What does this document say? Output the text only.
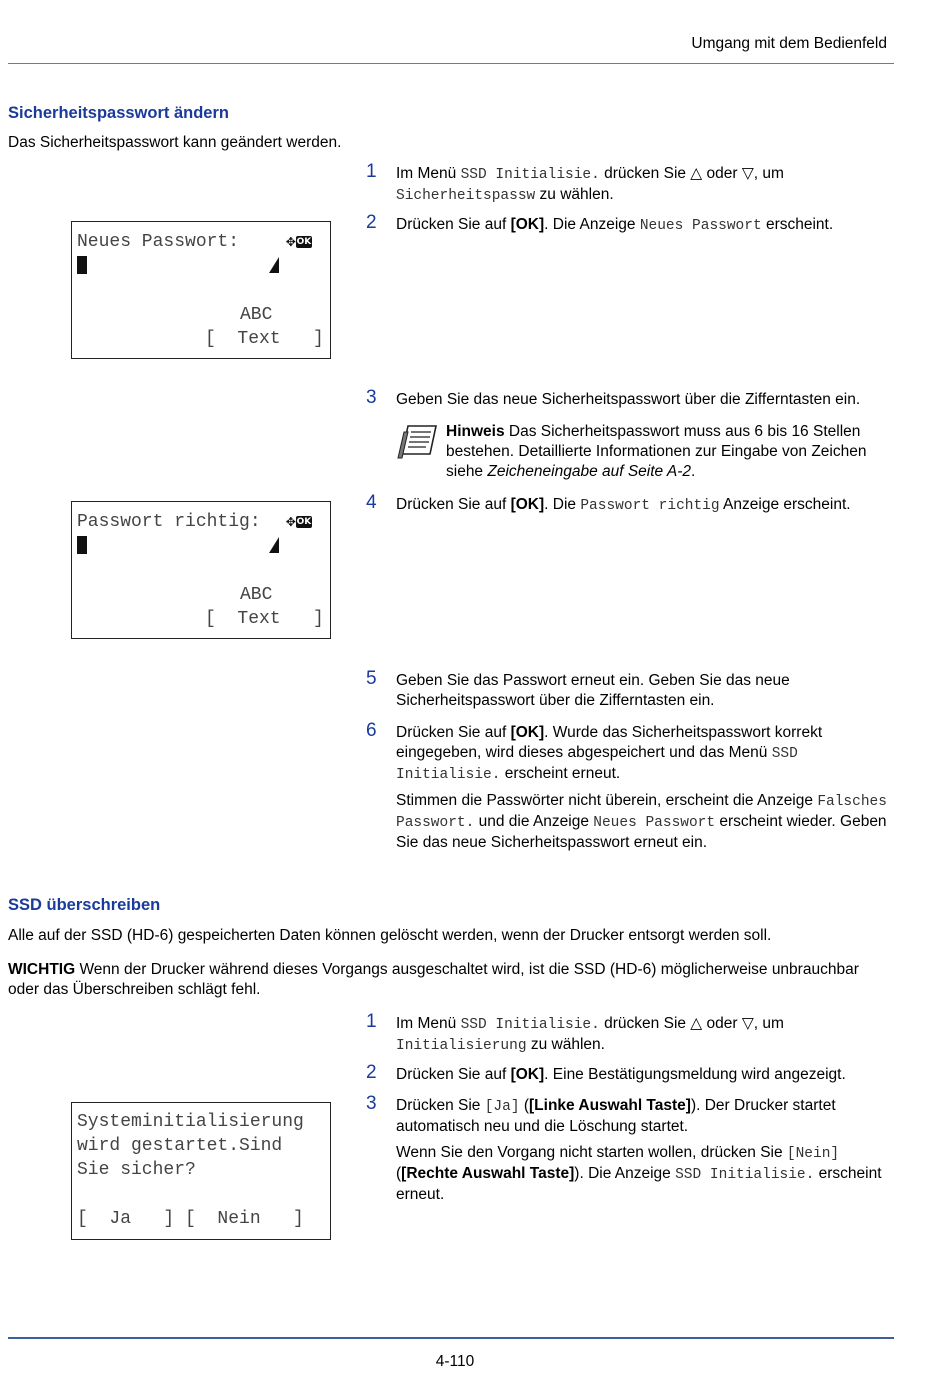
Umgang mit dem Bedienfeld
Sicherheitspasswort ändern
Das Sicherheitspasswort kann geändert werden.
1 Im Menü SSD Initialisie. drücken Sie △ oder ▽, um Sicherheitspassw zu wählen.

2 Drücken Sie auf [OK]. Die Anzeige Neues Passwort erscheint.

Neues Passwort:	✥OK
ABC
[  Text   ]
3 Geben Sie das neue Sicherheitspasswort über die Zifferntasten ein.

Hinweis Das Sicherheitspasswort muss aus 6 bis 16 Stellen bestehen. Detaillierte Informationen zur Eingabe von Zeichen siehe Zeicheneingabe auf Seite A-2.
4 Drücken Sie auf [OK]. Die Passwort richtig Anzeige erscheint.

Passwort richtig: ✥OK
ABC
[  Text   ]
5 Geben Sie das Passwort erneut ein. Geben Sie das neue Sicherheitspasswort über die Zifferntasten ein.

6 Drücken Sie auf [OK]. Wurde das Sicherheitspasswort korrekt eingegeben, wird dieses abgespeichert und das Menü SSD Initialisie. erscheint erneut.

Stimmen die Passwörter nicht überein, erscheint die Anzeige Falsches Passwort. und die Anzeige Neues Passwort erscheint wieder. Geben Sie das neue Sicherheitspasswort erneut ein.

SSD überschreiben
Alle auf der SSD (HD-6) gespeicherten Daten können gelöscht werden, wenn der Drucker entsorgt werden soll.
WICHTIG Wenn der Drucker während dieses Vorgangs ausgeschaltet wird, ist die SSD (HD-6) möglicherweise unbrauchbar oder das Überschreiben schlägt fehl.
1 Im Menü SSD Initialisie. drücken Sie △ oder ▽, um Initialisierung zu wählen.

2 Drücken Sie auf [OK]. Eine Bestätigungsmeldung wird angezeigt.

3 Drücken Sie [Ja] ([Linke Auswahl Taste]). Der Drucker startet automatisch neu und die Löschung startet.

Wenn Sie den Vorgang nicht starten wollen, drücken Sie [Nein] ([Rechte Auswahl Taste]). Die Anzeige SSD Initialisie. erscheint erneut.

Systeminitialisierung
wird gestartet.Sind
Sie sicher?
[  Ja   ] [  Nein   ]
4-110
